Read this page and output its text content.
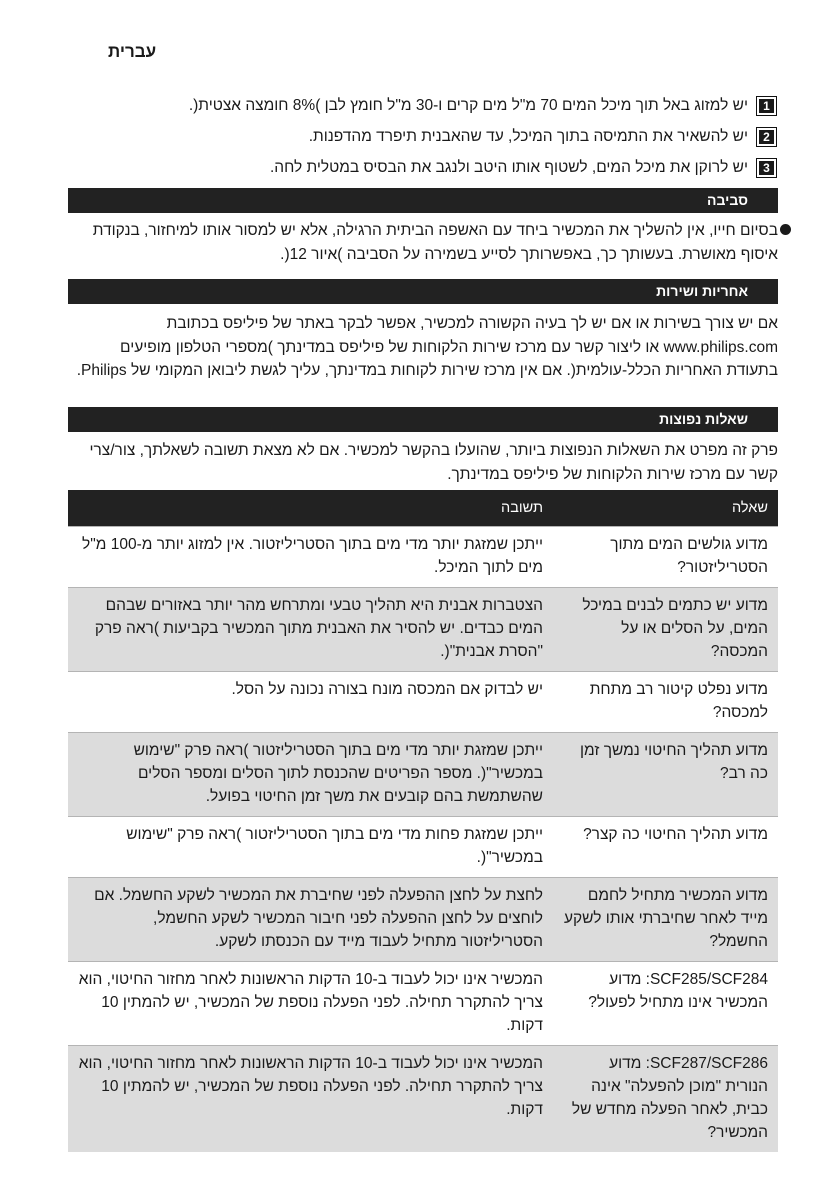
עברית
1
יש למזוג באל תוך מיכל המים 70 מ"ל מים קרים ו-30 מ"ל חומץ לבן )8% חומצה אצטית(.
2
יש להשאיר את התמיסה בתוך המיכל, עד שהאבנית תיפרד מהדפנות.
3
יש לרוקן את מיכל המים, לשטוף אותו היטב ולנגב את הבסיס במטלית לחה.
סביבה
בסיום חייו, אין להשליך את המכשיר ביחד עם האשפה הביתית הרגילה, אלא יש למסור אותו למיחזור, בנקודת איסוף מאושרת. בעשותך כך, באפשרותך לסייע בשמירה על הסביבה )איור 12(.
אחריות ושירות
אם יש צורך בשירות או אם יש לך בעיה הקשורה למכשיר, אפשר לבקר באתר של פיליפס בכתובת www.philips.com או ליצור קשר עם מרכז שירות הלקוחות של פיליפס במדינתך )מספרי הטלפון מופיעים בתעודת האחריות הכלל-עולמית(. אם אין מרכז שירות לקוחות במדינתך, עליך לגשת ליבואן המקומי של Philips.
שאלות נפוצות
פרק זה מפרט את השאלות הנפוצות ביותר, שהועלו בהקשר למכשיר. אם לא מצאת תשובה לשאלתך, צור/צרי קשר עם מרכז שירות הלקוחות של פיליפס במדינתך.
שאלה	תשובה
מדוע גולשים המים מתוך הסטריליזטור?	ייתכן שמזגת יותר מדי מים בתוך הסטריליזטור. אין למזוג יותר מ-100 מ"ל מים לתוך המיכל.
מדוע יש כתמים לבנים במיכל המים, על הסלים או על המכסה?	הצטברות אבנית היא תהליך טבעי ומתרחש מהר יותר באזורים שבהם המים כבדים. יש להסיר את האבנית מתוך המכשיר בקביעות )ראה פרק "הסרת אבנית"(.
מדוע נפלט קיטור רב מתחת למכסה?	יש לבדוק אם המכסה מונח בצורה נכונה על הסל.
מדוע תהליך החיטוי נמשך זמן כה רב?	ייתכן שמזגת יותר מדי מים בתוך הסטריליזטור )ראה פרק "שימוש במכשיר"(. מספר הפריטים שהכנסת לתוך הסלים ומספר הסלים שהשתמשת בהם קובעים את משך זמן החיטוי בפועל.
מדוע תהליך החיטוי כה קצר?	ייתכן שמזגת פחות מדי מים בתוך הסטריליזטור )ראה פרק "שימוש במכשיר"(.
מדוע המכשיר מתחיל לחמם מייד לאחר שחיברתי אותו לשקע החשמל?	לחצת על לחצן ההפעלה לפני שחיברת את המכשיר לשקע החשמל. אם לוחצים על לחצן ההפעלה לפני חיבור המכשיר לשקע החשמל, הסטריליזטור מתחיל לעבוד מייד עם הכנסתו לשקע.
SCF285/SCF284: מדוע המכשיר אינו מתחיל לפעול?	המכשיר אינו יכול לעבוד ב-10 הדקות הראשונות לאחר מחזור החיטוי, הוא צריך להתקרר תחילה. לפני הפעלה נוספת של המכשיר, יש להמתין 10 דקות.
SCF287/SCF286: מדוע הנורית "מוכן להפעלה" אינה כבית, לאחר הפעלה מחדש של המכשיר?	המכשיר אינו יכול לעבוד ב-10 הדקות הראשונות לאחר מחזור החיטוי, הוא צריך להתקרר תחילה. לפני הפעלה נוספת של המכשיר, יש להמתין 10 דקות.
